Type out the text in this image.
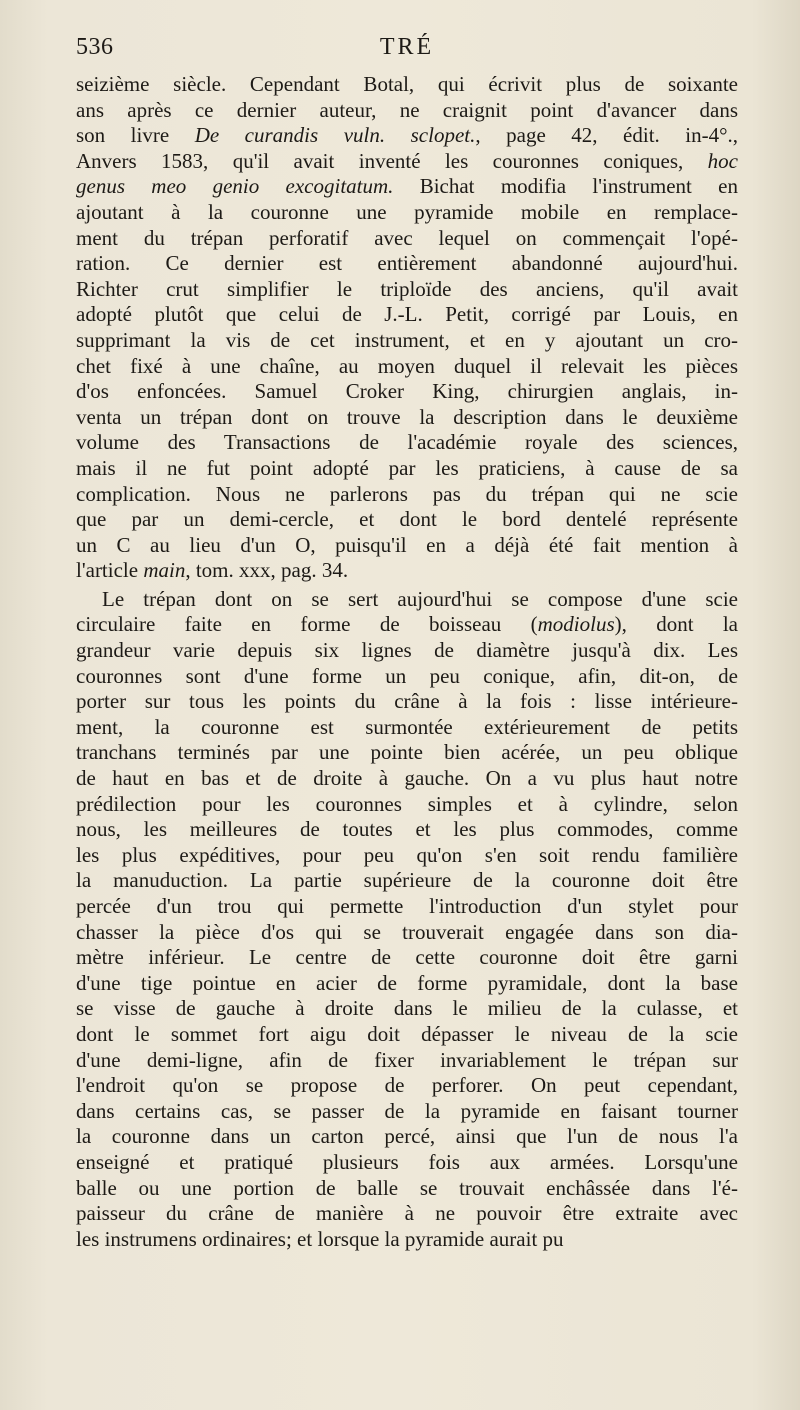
536	TRÉ
seizième siècle. Cependant Botal, qui écrivit plus de soixante
ans après ce dernier auteur, ne craignit point d'avancer dans
son livre De curandis vuln. sclopet., page 42, édit. in-4°.,
Anvers 1583, qu'il avait inventé les couronnes coniques, hoc
genus meo genio excogitatum. Bichat modifia l'instrument en
ajoutant à la couronne une pyramide mobile en remplace-
ment du trépan perforatif avec lequel on commençait l'opé-
ration. Ce dernier est entièrement abandonné aujourd'hui.
Richter crut simplifier le triploïde des anciens, qu'il avait
adopté plutôt que celui de J.-L. Petit, corrigé par Louis, en
supprimant la vis de cet instrument, et en y ajoutant un cro-
chet fixé à une chaîne, au moyen duquel il relevait les pièces
d'os enfoncées. Samuel Croker King, chirurgien anglais, in-
venta un trépan dont on trouve la description dans le deuxième
volume des Transactions de l'académie royale des sciences,
mais il ne fut point adopté par les praticiens, à cause de sa
complication. Nous ne parlerons pas du trépan qui ne scie
que par un demi-cercle, et dont le bord dentelé représente
un C au lieu d'un O, puisqu'il en a déjà été fait mention à
l'article main, tom. xxx, pag. 34.
Le trépan dont on se sert aujourd'hui se compose d'une scie
circulaire faite en forme de boisseau (modiolus), dont la
grandeur varie depuis six lignes de diamètre jusqu'à dix. Les
couronnes sont d'une forme un peu conique, afin, dit-on, de
porter sur tous les points du crâne à la fois : lisse intérieure-
ment, la couronne est surmontée extérieurement de petits
tranchans terminés par une pointe bien acérée, un peu oblique
de haut en bas et de droite à gauche. On a vu plus haut notre
prédilection pour les couronnes simples et à cylindre, selon
nous, les meilleures de toutes et les plus commodes, comme
les plus expéditives, pour peu qu'on s'en soit rendu familière
la manuduction. La partie supérieure de la couronne doit être
percée d'un trou qui permette l'introduction d'un stylet pour
chasser la pièce d'os qui se trouverait engagée dans son dia-
mètre inférieur. Le centre de cette couronne doit être garni
d'une tige pointue en acier de forme pyramidale, dont la base
se visse de gauche à droite dans le milieu de la culasse, et
dont le sommet fort aigu doit dépasser le niveau de la scie
d'une demi-ligne, afin de fixer invariablement le trépan sur
l'endroit qu'on se propose de perforer. On peut cependant,
dans certains cas, se passer de la pyramide en faisant tourner
la couronne dans un carton percé, ainsi que l'un de nous l'a
enseigné et pratiqué plusieurs fois aux armées. Lorsqu'une
balle ou une portion de balle se trouvait enchâssée dans l'é-
paisseur du crâne de manière à ne pouvoir être extraite avec
les instrumens ordinaires; et lorsque la pyramide aurait pu
